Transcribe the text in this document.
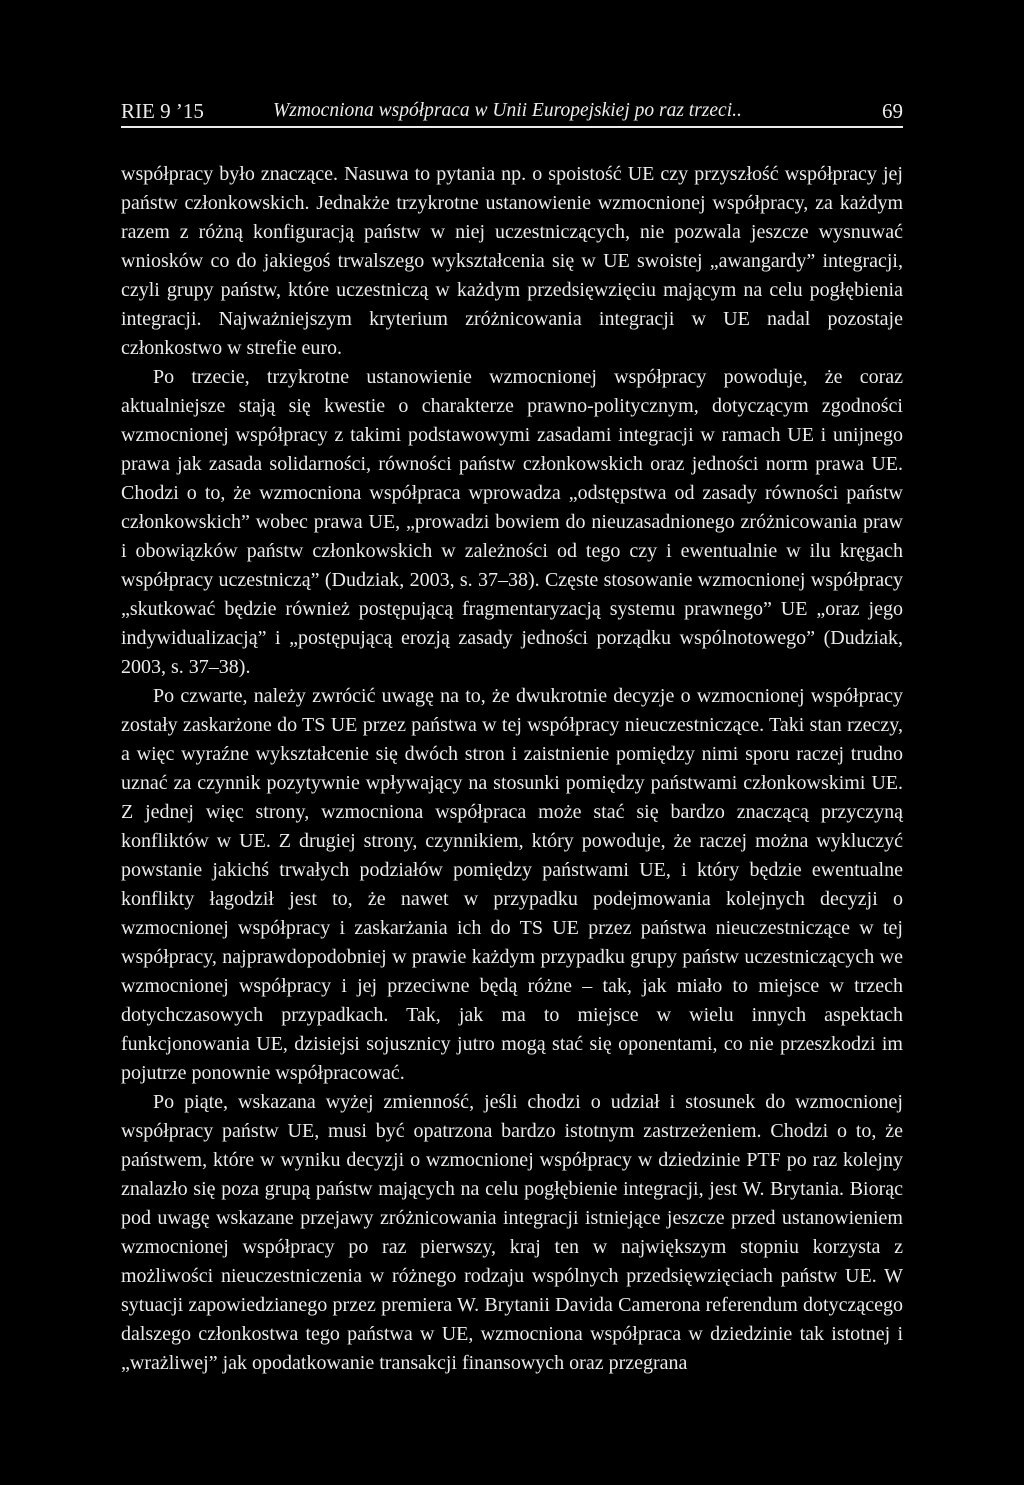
RIE 9 ’15	Wzmocniona współpraca w Unii Europejskiej po raz trzeci..	69

współpracy było znaczące. Nasuwa to pytania np. o spoistość UE czy przyszłość współpracy jej państw członkowskich. Jednakże trzykrotne ustanowienie wzmocnionej współpracy, za każdym razem z różną konfiguracją państw w niej uczestniczących, nie pozwala jeszcze wysnuwać wniosków co do jakiegoś trwalszego wykształcenia się w UE swoistej „awangardy” integracji, czyli grupy państw, które uczestniczą w każdym przedsięwzięciu mającym na celu pogłębienia integracji. Najważniejszym kryterium zróżnicowania integracji w UE nadal pozostaje członkostwo w strefie euro.

Po trzecie, trzykrotne ustanowienie wzmocnionej współpracy powoduje, że coraz aktualniejsze stają się kwestie o charakterze prawno-politycznym, dotyczącym zgodności wzmocnionej współpracy z takimi podstawowymi zasadami integracji w ramach UE i unijnego prawa jak zasada solidarności, równości państw członkowskich oraz jedności norm prawa UE. Chodzi o to, że wzmocniona współpraca wprowadza „odstępstwa od zasady równości państw członkowskich” wobec prawa UE, „prowadzi bowiem do nieuzasadnionego zróżnicowania praw i obowiązków państw członkowskich w zależności od tego czy i ewentualnie w ilu kręgach współpracy uczestniczą” (Dudziak, 2003, s. 37–38). Częste stosowanie wzmocnionej współpracy „skutkować będzie również postępującą fragmentaryzacją systemu prawnego” UE „oraz jego indywidualizacją” i „postępującą erozją zasady jedności porządku wspólnotowego” (Dudziak, 2003, s. 37–38).

Po czwarte, należy zwrócić uwagę na to, że dwukrotnie decyzje o wzmocnionej współpracy zostały zaskarżone do TS UE przez państwa w tej współpracy nieuczestniczące. Taki stan rzeczy, a więc wyraźne wykształcenie się dwóch stron i zaistnienie pomiędzy nimi sporu raczej trudno uznać za czynnik pozytywnie wpływający na stosunki pomiędzy państwami członkowskimi UE. Z jednej więc strony, wzmocniona współpraca może stać się bardzo znaczącą przyczyną konfliktów w UE. Z drugiej strony, czynnikiem, który powoduje, że raczej można wykluczyć powstanie jakichś trwałych podziałów pomiędzy państwami UE, i który będzie ewentualne konflikty łagodził jest to, że nawet w przypadku podejmowania kolejnych decyzji o wzmocnionej współpracy i zaskarżania ich do TS UE przez państwa nieuczestniczące w tej współpracy, najprawdopodobniej w prawie każdym przypadku grupy państw uczestniczących we wzmocnionej współpracy i jej przeciwne będą różne – tak, jak miało to miejsce w trzech dotychczasowych przypadkach. Tak, jak ma to miejsce w wielu innych aspektach funkcjonowania UE, dzisiejsi sojusznicy jutro mogą stać się oponentami, co nie przeszkodzi im pojutrze ponownie współpracować.

Po piąte, wskazana wyżej zmienność, jeśli chodzi o udział i stosunek do wzmocnionej współpracy państw UE, musi być opatrzona bardzo istotnym zastrzeżeniem. Chodzi o to, że państwem, które w wyniku decyzji o wzmocnionej współpracy w dziedzinie PTF po raz kolejny znalazło się poza grupą państw mających na celu pogłębienie integracji, jest W. Brytania. Biorąc pod uwagę wskazane przejawy zróżnicowania integracji istniejące jeszcze przed ustanowieniem wzmocnionej współpracy po raz pierwszy, kraj ten w największym stopniu korzysta z możliwości nieuczestniczenia w różnego rodzaju wspólnych przedsięwzięciach państw UE. W sytuacji zapowiedzianego przez premiera W. Brytanii Davida Camerona referendum dotyczącego dalszego członkostwa tego państwa w UE, wzmocniona współpraca w dziedzinie tak istotnej i „wrażliwej” jak opodatkowanie transakcji finansowych oraz przegrana
